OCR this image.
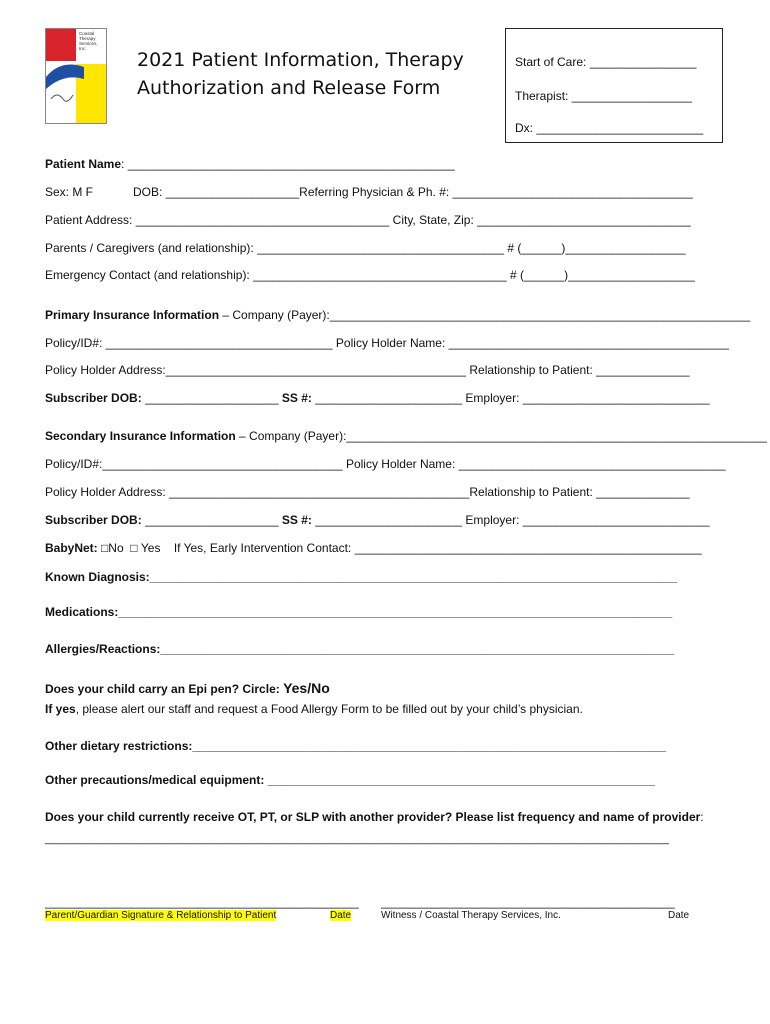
Coastal
Therapy
Services,
Inc.
2021 Patient Information, Therapy
Authorization and Release Form
Start of Care: ________________
Therapist: __________________
Dx: _________________________
Patient Name: _________________________________________________
Sex: M F	DOB: ____________________Referring Physician & Ph. #: ____________________________________
Patient Address: ______________________________________ City, State, Zip: ________________________________
Parents / Caregivers (and relationship): _____________________________________ # (______)__________________
Emergency Contact (and relationship): ______________________________________ # (______)___________________
Primary Insurance Information – Company (Payer):_______________________________________________________________
Policy/ID#: __________________________________ Policy Holder Name: __________________________________________
Policy Holder Address:_____________________________________________ Relationship to Patient: ______________
Subscriber DOB: ____________________ SS #: ______________________ Employer: ____________________________
Secondary Insurance Information – Company (Payer):_______________________________________________________________
Policy/ID#:____________________________________ Policy Holder Name: ________________________________________
Policy Holder Address: _____________________________________________Relationship to Patient: ______________
Subscriber DOB: ____________________ SS #: ______________________ Employer: ____________________________
BabyNet: □No □ Yes If Yes, Early Intervention Contact: ____________________________________________________
Known Diagnosis:_______________________________________________________________________________
Medications:___________________________________________________________________________________
Allergies/Reactions:_____________________________________________________________________________
Does your child carry an Epi pen? Circle: Yes/No
If yes, please alert our staff and request a Food Allergy Form to be filled out by your child’s physician.
Other dietary restrictions:_______________________________________________________________________
Other precautions/medical equipment: __________________________________________________________
Does your child currently receive OT, PT, or SLP with another provider? Please list frequency and name of provider:
______________________________________________________________________________________________________
_______________________________________________ ____________________________________________
Parent/Guardian Signature & Relationship to Patient	Date	Witness / Coastal Therapy Services, Inc.	Date
